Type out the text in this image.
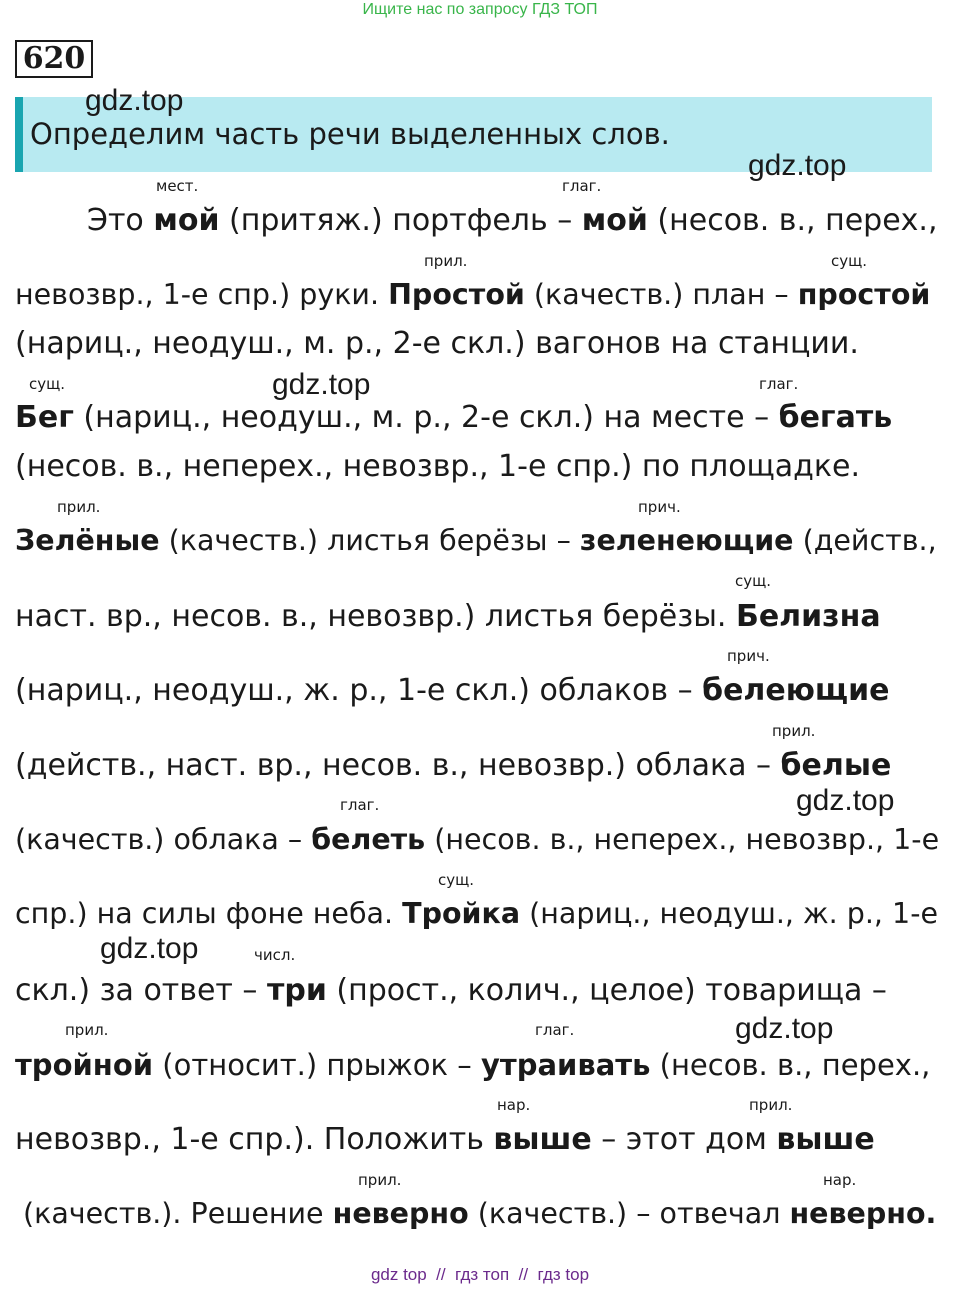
Ищите нас по запросу ГДЗ ТОП
620
Определим часть речи выделенных слов.
gdz.top
gdz.top
gdz.top
gdz.top
gdz.top
gdz.top
мест.	глаг.
прил.	сущ.
сущ.	глаг.
прил.	прич.
сущ.
прич.
прил.
глаг.
сущ.
числ.
прил.	глаг.
нар.	прил.
прил.	нар.
Это мой (притяж.) портфель – мой (несов. в., перех.,
невозвр., 1-е спр.) руки. Простой (качеств.) план – простой
(нариц., неодуш., м. р., 2-е скл.) вагонов на станции.
Бег (нариц., неодуш., м. р., 2-е скл.) на месте – бегать
(несов. в., неперех., невозвр., 1-е спр.) по площадке.
Зелёные (качеств.) листья берёзы – зеленеющие (действ.,
наст. вр., несов. в., невозвр.) листья берёзы. Белизна
(нариц., неодуш., ж. р., 1-е скл.) облаков – белеющие
(действ., наст. вр., несов. в., невозвр.) облака – белые
(качеств.) облака – белеть (несов. в., неперех., невозвр., 1-е
спр.) на силы фоне неба. Тройка (нариц., неодуш., ж. р., 1-е
скл.) за ответ – три (прост., колич., целое) товарища –
тройной (относит.) прыжок – утраивать (несов. в., перех.,
невозвр., 1-е спр.). Положить выше – этот дом выше
(качеств.). Решение неверно (качеств.) – отвечал неверно.
gdz top  //  гдз топ  //  гдз top
